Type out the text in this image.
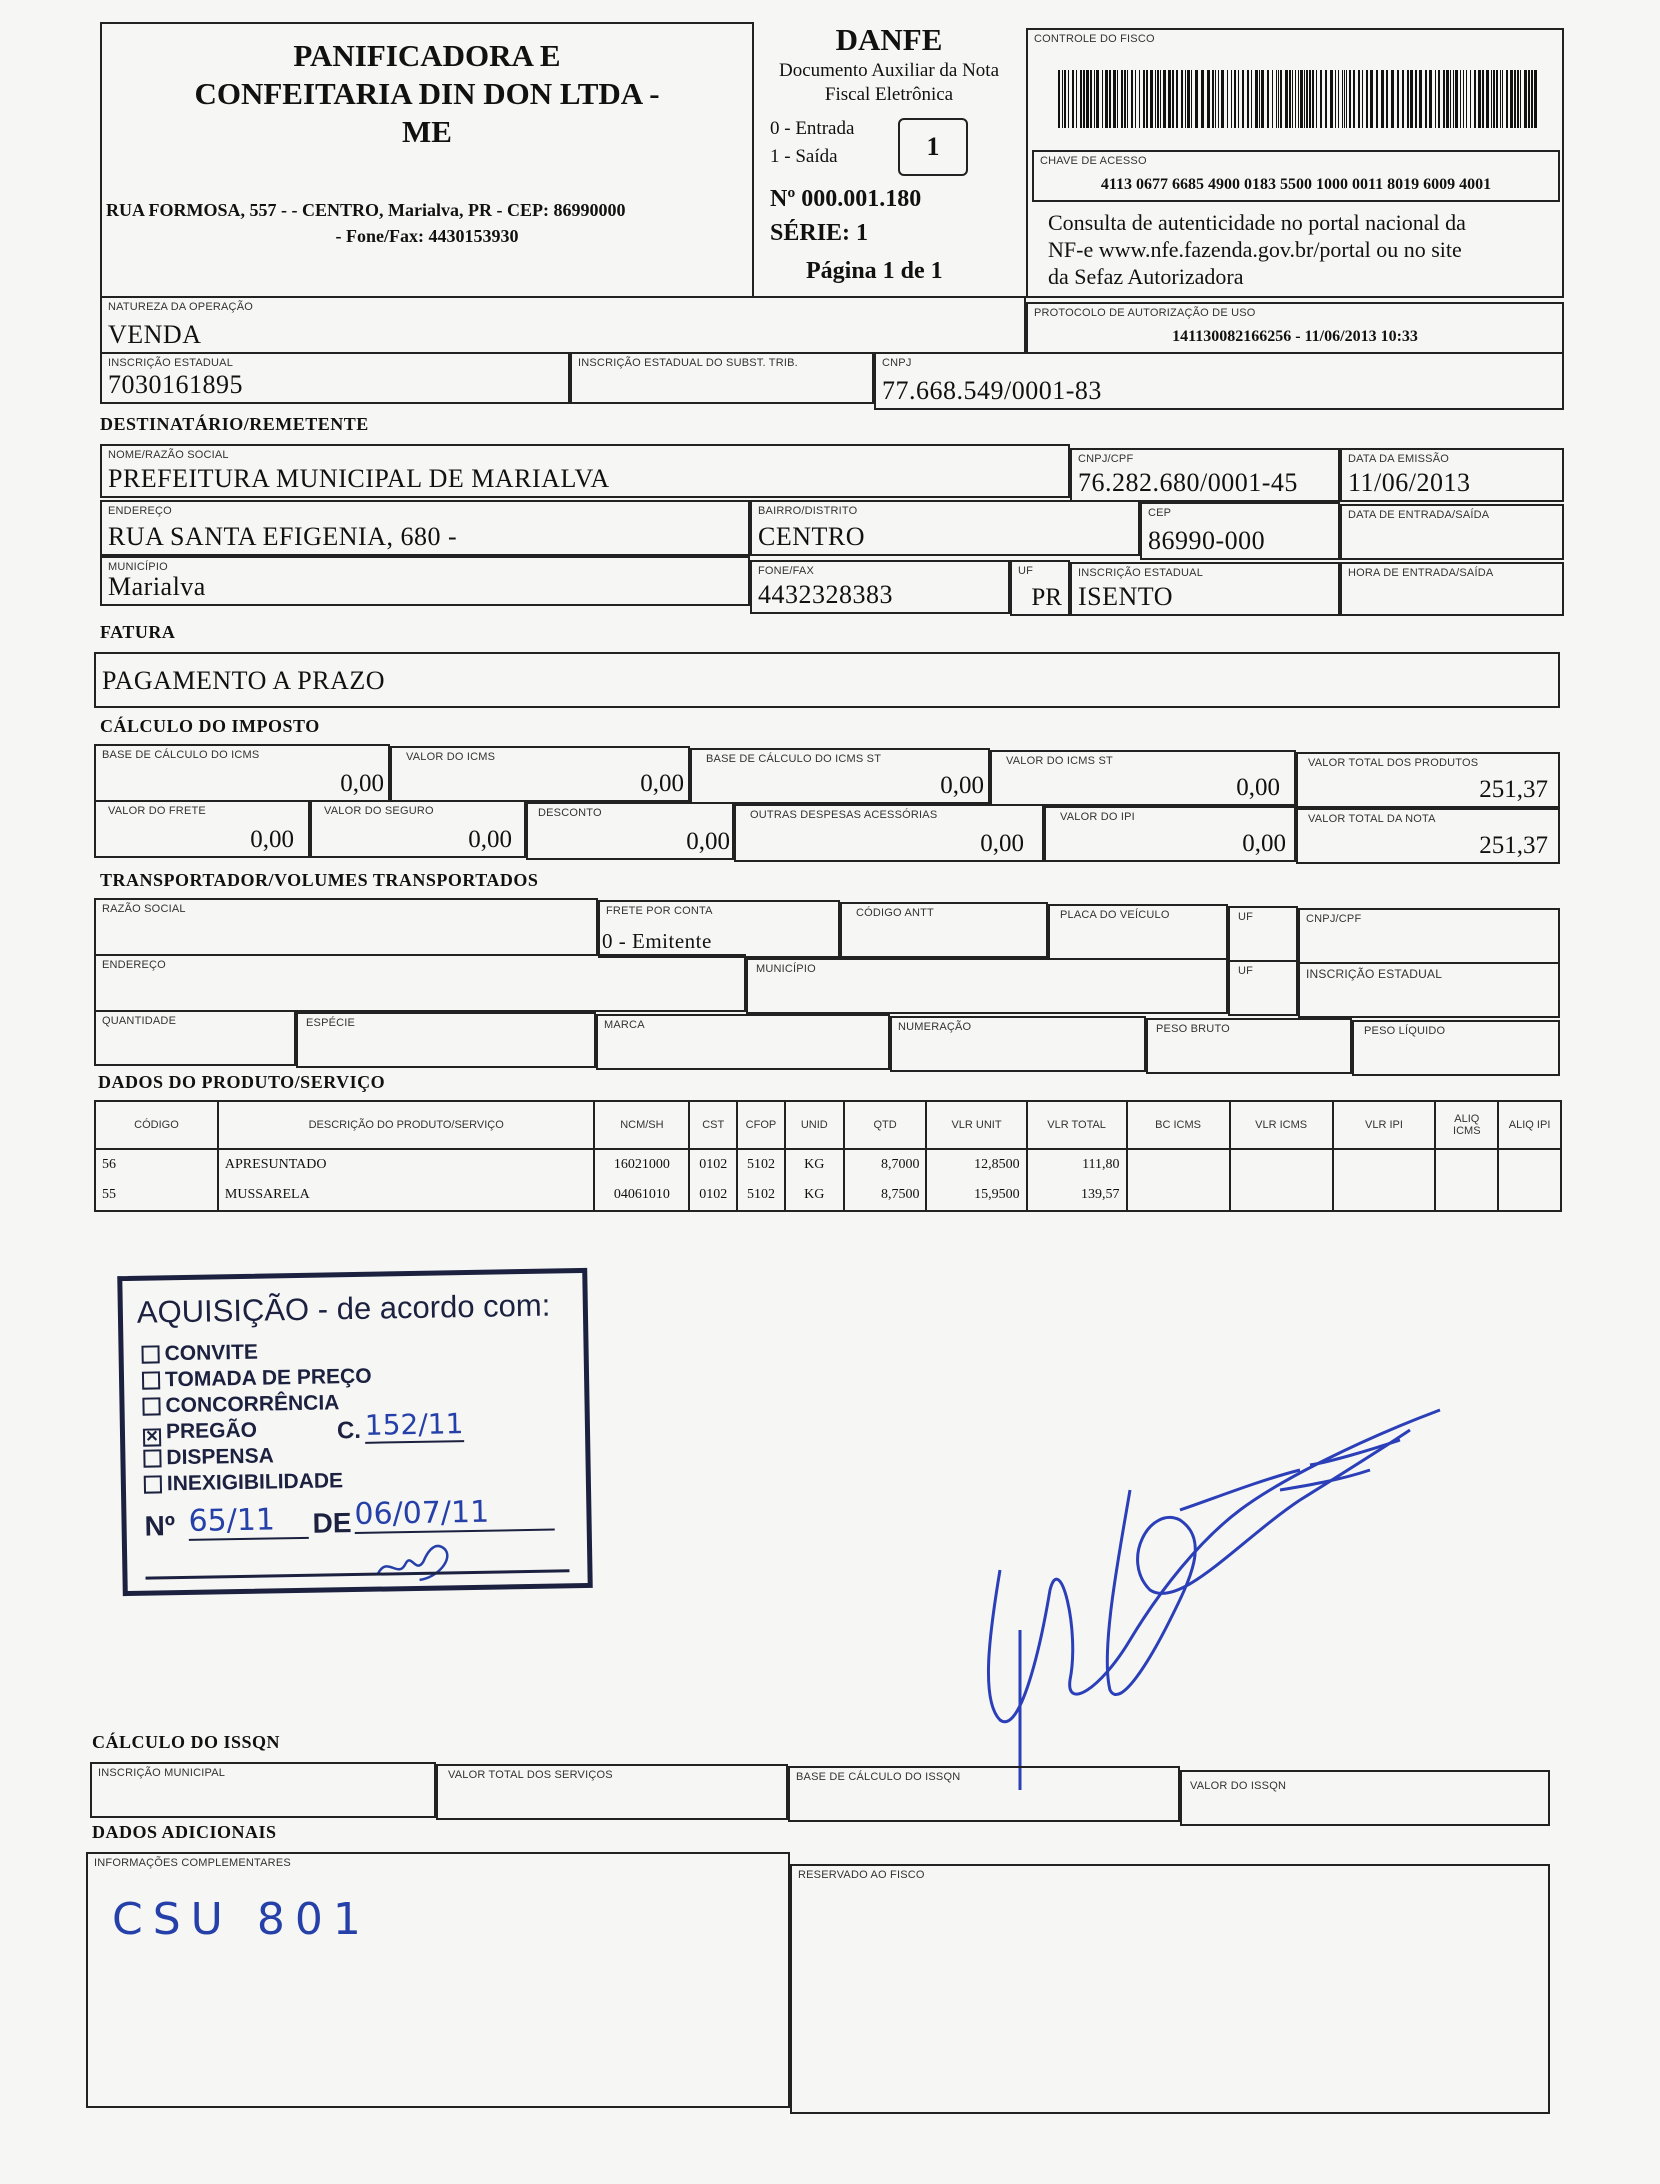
PANIFICADORA E
CONFEITARIA DIN DON LTDA -
ME
RUA FORMOSA, 557 - - CENTRO, Marialva, PR - CEP: 86990000
- Fone/Fax: 4430153930
DANFE
Documento Auxiliar da Nota
Fiscal Eletrônica
0 - Entrada
1 - Saída	1
Nº 000.001.180
SÉRIE: 1
Página 1 de 1
CONTROLE DO FISCO
CHAVE DE ACESSO
4113 0677 6685 4900 0183 5500 1000 0011 8019 6009 4001
Consulta de autenticidade no portal nacional da
NF-e www.nfe.fazenda.gov.br/portal ou no site
da Sefaz Autorizadora
NATUREZA DA OPERAÇÃO
VENDA
PROTOCOLO DE AUTORIZAÇÃO DE USO
141130082166256 - 11/06/2013 10:33
INSCRIÇÃO ESTADUAL
7030161895
INSCRIÇÃO ESTADUAL DO SUBST. TRIB.	CNPJ
77.668.549/0001-83
DESTINATÁRIO/REMETENTE
NOME/RAZÃO SOCIAL
PREFEITURA MUNICIPAL DE MARIALVA
CNPJ/CPF
76.282.680/0001-45
DATA DA EMISSÃO
11/06/2013
ENDEREÇO
RUA SANTA EFIGENIA, 680 -
BAIRRO/DISTRITO
CENTRO
CEP
86990-000
DATA DE ENTRADA/SAÍDA
MUNICÍPIO
Marialva
FONE/FAX
4432328383
UF
PR
INSCRIÇÃO ESTADUAL
ISENTO
HORA DE ENTRADA/SAÍDA
FATURA
PAGAMENTO A PRAZO
CÁLCULO DO IMPOSTO
BASE DE CÁLCULO DO ICMS
0,00
VALOR DO ICMS
0,00
BASE DE CÁLCULO DO ICMS ST
0,00
VALOR DO ICMS ST
0,00
VALOR TOTAL DOS PRODUTOS
251,37
VALOR DO FRETE
0,00
VALOR DO SEGURO
0,00
DESCONTO
0,00
OUTRAS DESPESAS ACESSÓRIAS
0,00
VALOR DO IPI
0,00
VALOR TOTAL DA NOTA
251,37
TRANSPORTADOR/VOLUMES TRANSPORTADOS
RAZÃO SOCIAL	FRETE POR CONTA
0 - Emitente
CÓDIGO ANTT	PLACA DO VEÍCULO	UF	CNPJ/CPF
ENDEREÇO	MUNICÍPIO	UF	INSCRIÇÃO ESTADUAL
QUANTIDADE	ESPÉCIE	MARCA	NUMERAÇÃO	PESO BRUTO	PESO LÍQUIDO
DADOS DO PRODUTO/SERVIÇO
CÓDIGO	DESCRIÇÃO DO PRODUTO/SERVIÇO	NCM/SH	CST	CFOP	UNID	QTD	VLR UNIT	VLR TOTAL	BC ICMS	VLR ICMS	VLR IPI	ALIQ ICMS	ALIQ IPI
56	APRESUNTADO	16021000	0102	5102	KG	8,7000	12,8500	111,80					
55	MUSSARELA	04061010	0102	5102	KG	8,7500	15,9500	139,57					
AQUISIÇÃO - de acordo com:
CONVITE
TOMADA DE PREÇO
CONCORRÊNCIA
✕ PREGÃO	C. 152/11
DISPENSA
INEXIGIBILIDADE
Nº 65/11	DE 06/07/11
CÁLCULO DO ISSQN
INSCRIÇÃO MUNICIPAL	VALOR TOTAL DOS SERVIÇOS	BASE DE CÁLCULO DO ISSQN
VALOR DO ISSQN
DADOS ADICIONAIS
INFORMAÇÕES COMPLEMENTARES
CSU 801
RESERVADO AO FISCO
